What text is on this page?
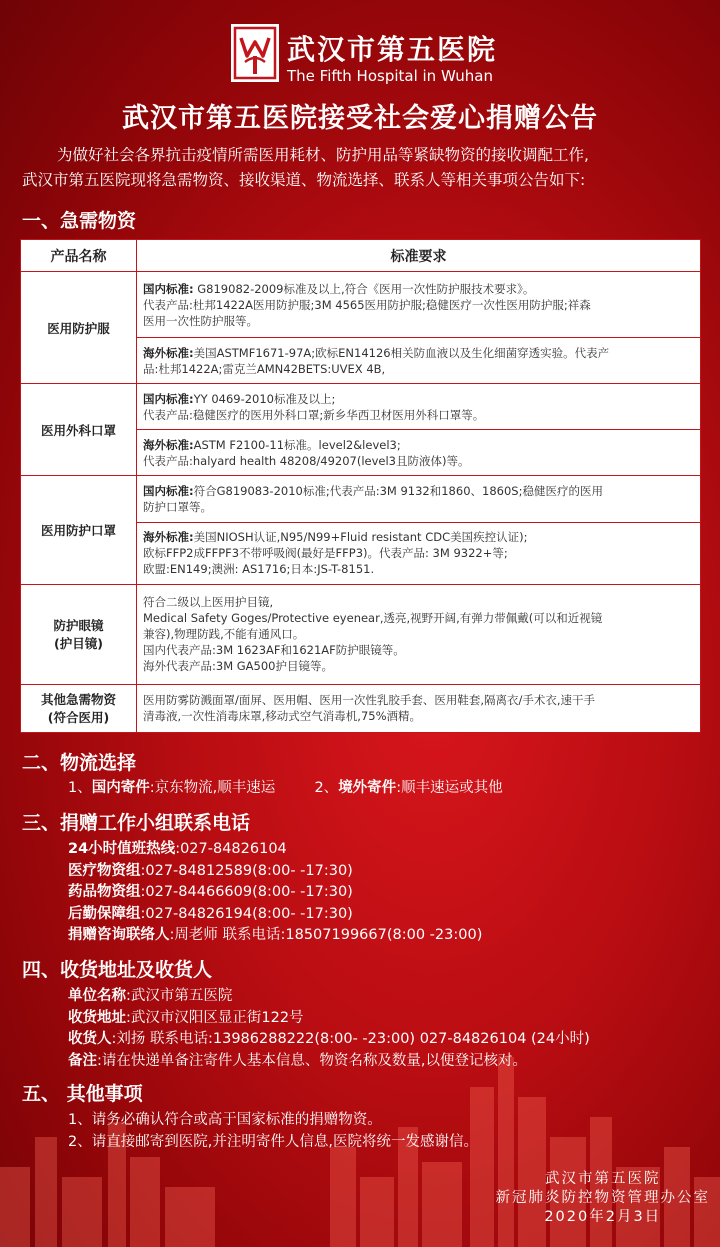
武汉市第五医院
The Fifth Hospital in Wuhan
武汉市第五医院接受社会爱心捐赠公告

为做好社会各界抗击疫情所需医用耗材、防护用品等紧缺物资的接收调配工作,

武汉市第五医院现将急需物资、接收渠道、物流选择、联系人等相关事项公告如下:

一、急需物资
产品名称	标准要求
医用防护服	国内标准: G819082-2009标准及以上,符合《医用一次性防护服技术要求》。
代表产品:杜邦1422A医用防护服;3M 4565医用防护服;稳健医疗一次性医用防护服;祥森
医用一次性防护服等。

	海外标准:美国ASTMF1671-97A;欧标EN14126相关防血液以及生化细菌穿透实验。代表产
品:杜邦1422A;雷克兰AMN42BETS:UVEX 4B,

医用外科口罩	国内标准:YY 0469-2010标准及以上;
代表产品:稳健医疗的医用外科口罩;新乡华西卫材医用外科口罩等。

	海外标准:ASTM F2100-11标准。level2&level3;
代表产品:halyard health 48208/49207(level3且防液体)等。

医用防护口罩	国内标准:符合G819083-2010标准;代表产品:3M 9132和1860、1860S;稳健医疗的医用
防护口罩等。

	海外标准:美国NIOSH认证,N95/N99+Fluid resistant CDC美国疾控认证);
欧标FFP2成FFPF3不带呼吸阀(最好是FFP3)。代表产品: 3M 9322+等;
欧盟:EN149;澳洲: AS1716;日本:JS-T-8151.

防护眼镜
(护目镜)	符合二级以上医用护目镜,
Medical Safety Goges/Protective eyenear,透亮,视野开阔,有弹力带佩戴(可以和近视镜
兼容),物理防践,不能有通风口。
国内代表产品:3M 1623AF和1621AF防护眼镜等。
海外代表产品:3M GA500护目镜等。

其他急需物资
(符合医用)	医用防雾防溅面罩/面屏、医用帽、医用一次性乳胶手套、医用鞋套,隔离衣/手术衣,速干手
清毒液,一次性消毒床罩,移动式空气消毒机,75%酒精。
二、物流选择
1、国内寄件:京东物流,顺丰速运	2、境外寄件:顺丰速运或其他
三、捐赠工作小组联系电话
24小时值班热线:027-84826104
医疗物资组:027-84812589(8:00- -17:30)
药品物资组:027-84466609(8:00- -17:30)
后勤保障组:027-84826194(8:00- -17:30)
捐赠咨询联络人:周老师 联系电话:18507199667(8:00 -23:00)
四、收货地址及收货人
单位名称:武汉市第五医院
收货地址:武汉市汉阳区显正街122号
收货人:刘扬 联系电话:13986288222(8:00- -23:00) 027-84826104 (24小时)
备注:请在快递单备注寄件人基本信息、物资名称及数量,以便登记核对。
五、 其他事项
1、请务必确认符合或高于国家标准的捐赠物资。
2、请直接邮寄到医院,并注明寄件人信息,医院将统一发感谢信。
武汉市第五医院
新冠肺炎防控物资管理办公室
2020年2月3日
